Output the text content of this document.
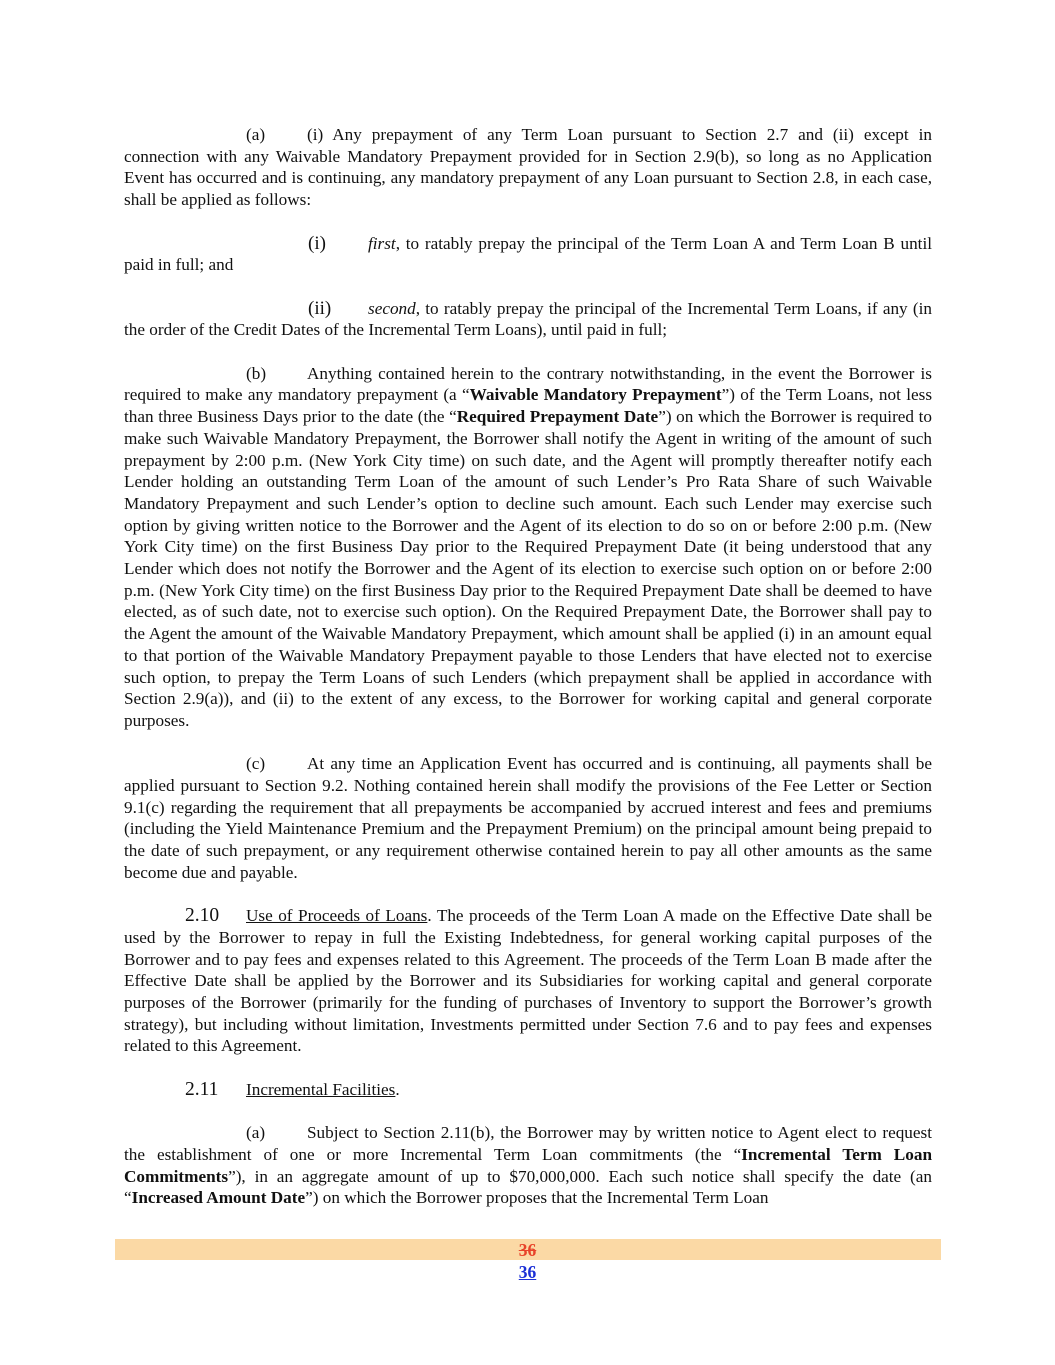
(a) (i) Any prepayment of any Term Loan pursuant to Section 2.7 and (ii) except in connection with any Waivable Mandatory Prepayment provided for in Section 2.9(b), so long as no Application Event has occurred and is continuing, any mandatory prepayment of any Loan pursuant to Section 2.8, in each case, shall be applied as follows:

(i) first, to ratably prepay the principal of the Term Loan A and Term Loan B until paid in full; and

(ii) second, to ratably prepay the principal of the Incremental Term Loans, if any (in the order of the Credit Dates of the Incremental Term Loans), until paid in full;

(b) Anything contained herein to the contrary notwithstanding, in the event the Borrower is required to make any mandatory prepayment (a “Waivable Mandatory Prepayment”) of the Term Loans, not less than three Business Days prior to the date (the “Required Prepayment Date”) on which the Borrower is required to make such Waivable Mandatory Prepayment, the Borrower shall notify the Agent in writing of the amount of such prepayment by 2:00 p.m. (New York City time) on such date, and the Agent will promptly thereafter notify each Lender holding an outstanding Term Loan of the amount of such Lender’s Pro Rata Share of such Waivable Mandatory Prepayment and such Lender’s option to decline such amount. Each such Lender may exercise such option by giving written notice to the Borrower and the Agent of its election to do so on or before 2:00 p.m. (New York City time) on the first Business Day prior to the Required Prepayment Date (it being understood that any Lender which does not notify the Borrower and the Agent of its election to exercise such option on or before 2:00 p.m. (New York City time) on the first Business Day prior to the Required Prepayment Date shall be deemed to have elected, as of such date, not to exercise such option). On the Required Prepayment Date, the Borrower shall pay to the Agent the amount of the Waivable Mandatory Prepayment, which amount shall be applied (i) in an amount equal to that portion of the Waivable Mandatory Prepayment payable to those Lenders that have elected not to exercise such option, to prepay the Term Loans of such Lenders (which prepayment shall be applied in accordance with Section 2.9(a)), and (ii) to the extent of any excess, to the Borrower for working capital and general corporate purposes.

(c) At any time an Application Event has occurred and is continuing, all payments shall be applied pursuant to Section 9.2. Nothing contained herein shall modify the provisions of the Fee Letter or Section 9.1(c) regarding the requirement that all prepayments be accompanied by accrued interest and fees and premiums (including the Yield Maintenance Premium and the Prepayment Premium) on the principal amount being prepaid to the date of such prepayment, or any requirement otherwise contained herein to pay all other amounts as the same become due and payable.

2.10 Use of Proceeds of Loans. The proceeds of the Term Loan A made on the Effective Date shall be used by the Borrower to repay in full the Existing Indebtedness, for general working capital purposes of the Borrower and to pay fees and expenses related to this Agreement. The proceeds of the Term Loan B made after the Effective Date shall be applied by the Borrower and its Subsidiaries for working capital and general corporate purposes of the Borrower (primarily for the funding of purchases of Inventory to support the Borrower’s growth strategy), but including without limitation, Investments permitted under Section 7.6 and to pay fees and expenses related to this Agreement.

2.11 Incremental Facilities.

(a) Subject to Section 2.11(b), the Borrower may by written notice to Agent elect to request the establishment of one or more Incremental Term Loan commitments (the “Incremental Term Loan Commitments”), in an aggregate amount of up to $70,000,000. Each such notice shall specify the date (an “Increased Amount Date”) on which the Borrower proposes that the Incremental Term Loan

36
36
